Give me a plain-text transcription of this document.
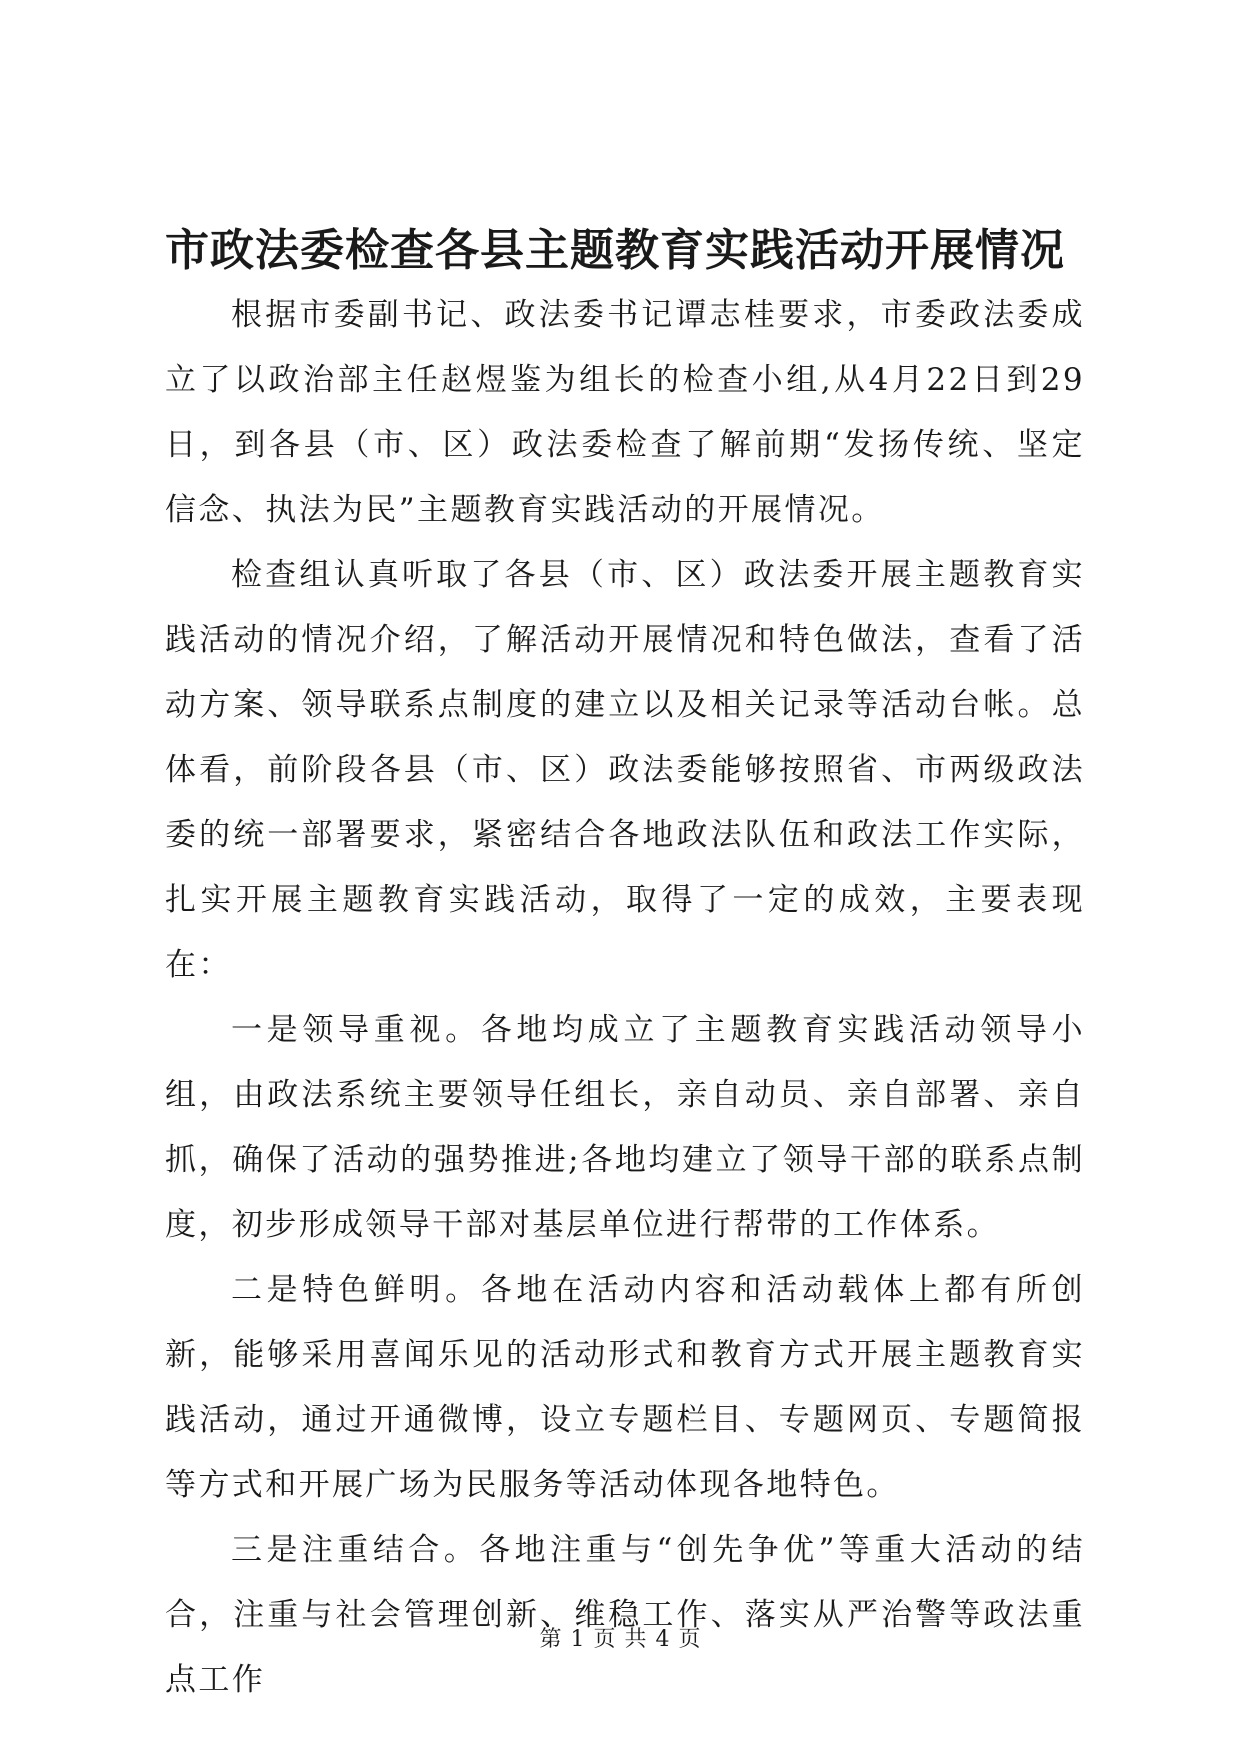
市政法委检查各县主题教育实践活动开展情况

根据市委副书记、政法委书记谭志桂要求，市委政法委成立了以政治部主任赵煜鉴为组长的检查小组,从4月22日到29日，到各县（市、区）政法委检查了解前期“发扬传统、坚定信念、执法为民”主题教育实践活动的开展情况。

检查组认真听取了各县（市、区）政法委开展主题教育实践活动的情况介绍，了解活动开展情况和特色做法，查看了活动方案、领导联系点制度的建立以及相关记录等活动台帐。总体看，前阶段各县（市、区）政法委能够按照省、市两级政法委的统一部署要求，紧密结合各地政法队伍和政法工作实际，扎实开展主题教育实践活动，取得了一定的成效，主要表现在：

一是领导重视。各地均成立了主题教育实践活动领导小组，由政法系统主要领导任组长，亲自动员、亲自部署、亲自抓，确保了活动的强势推进;各地均建立了领导干部的联系点制度，初步形成领导干部对基层单位进行帮带的工作体系。

二是特色鲜明。各地在活动内容和活动载体上都有所创新，能够采用喜闻乐见的活动形式和教育方式开展主题教育实践活动，通过开通微博，设立专题栏目、专题网页、专题简报等方式和开展广场为民服务等活动体现各地特色。

三是注重结合。各地注重与“创先争优”等重大活动的结合，注重与社会管理创新、维稳工作、落实从严治警等政法重点工作

第 1 页 共 4 页
